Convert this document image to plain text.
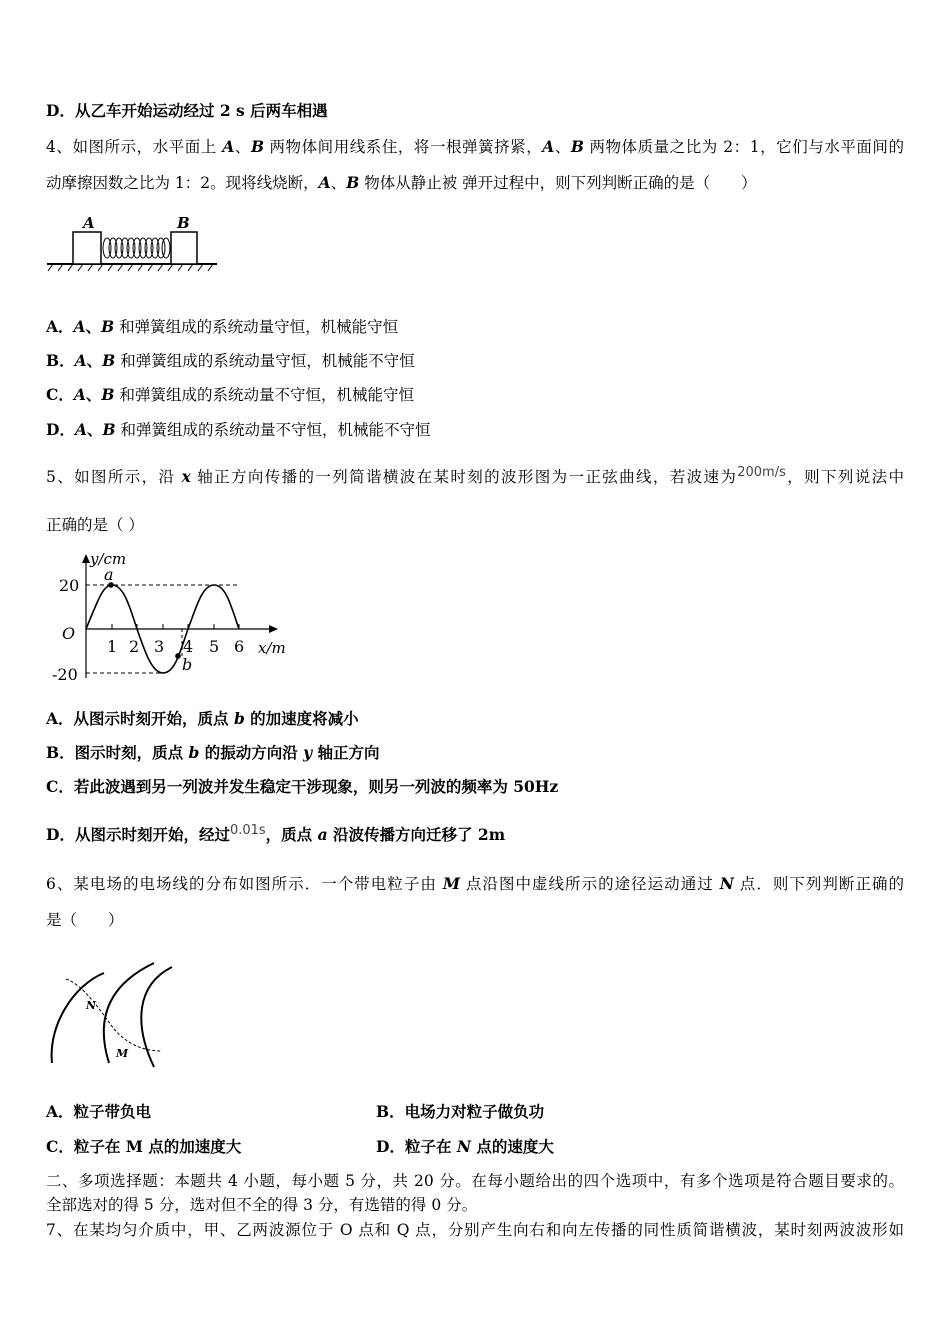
D．从乙车开始运动经过 2 s 后两车相遇
4、如图所示，水平面上 A、B 两物体间用线系住，将一根弹簧挤紧，A、B 两物体质量之比为 2：1，它们与水平面间的
动摩擦因数之比为 1：2。现将线烧断，A、B 物体从静止被 弹开过程中，则下列判断正确的是（　　）
A	B
A．A、B 和弹簧组成的系统动量守恒，机械能守恒
B．A、B 和弹簧组成的系统动量守恒，机械能不守恒
C．A、B 和弹簧组成的系统动量不守恒，机械能守恒
D．A、B 和弹簧组成的系统动量不守恒，机械能不守恒
5、如图所示，沿 x 轴正方向传播的一列简谐横波在某时刻的波形图为一正弦曲线，若波速为$^{200m/s}$，则下列说法中
正确的是（ ）
y/cm
x/m
O
20
-20
1 2 3 4 5 6
a
b
A．从图示时刻开始，质点 b 的加速度将减小
B．图示时刻，质点 b 的振动方向沿 y 轴正方向
C．若此波遇到另一列波并发生稳定干涉现象，则另一列波的频率为 50Hz
D．从图示时刻开始，经过$^{0.01s}$，质点 a 沿波传播方向迁移了 2m
6、某电场的电场线的分布如图所示．一个带电粒子由 M 点沿图中虚线所示的途径运动通过 N 点．则下列判断正确的
是（　　）
N
M
A．粒子带负电	B．电场力对粒子做负功
C．粒子在 M 点的加速度大	D．粒子在 N 点的速度大
二、多项选择题：本题共 4 小题，每小题 5 分，共 20 分。在每小题给出的四个选项中，有多个选项是符合题目要求的。
全部选对的得 5 分，选对但不全的得 3 分，有选错的得 0 分。
7、在某均匀介质中，甲、乙两波源位于 O 点和 Q 点，分别产生向右和向左传播的同性质简谐横波，某时刻两波波形如
